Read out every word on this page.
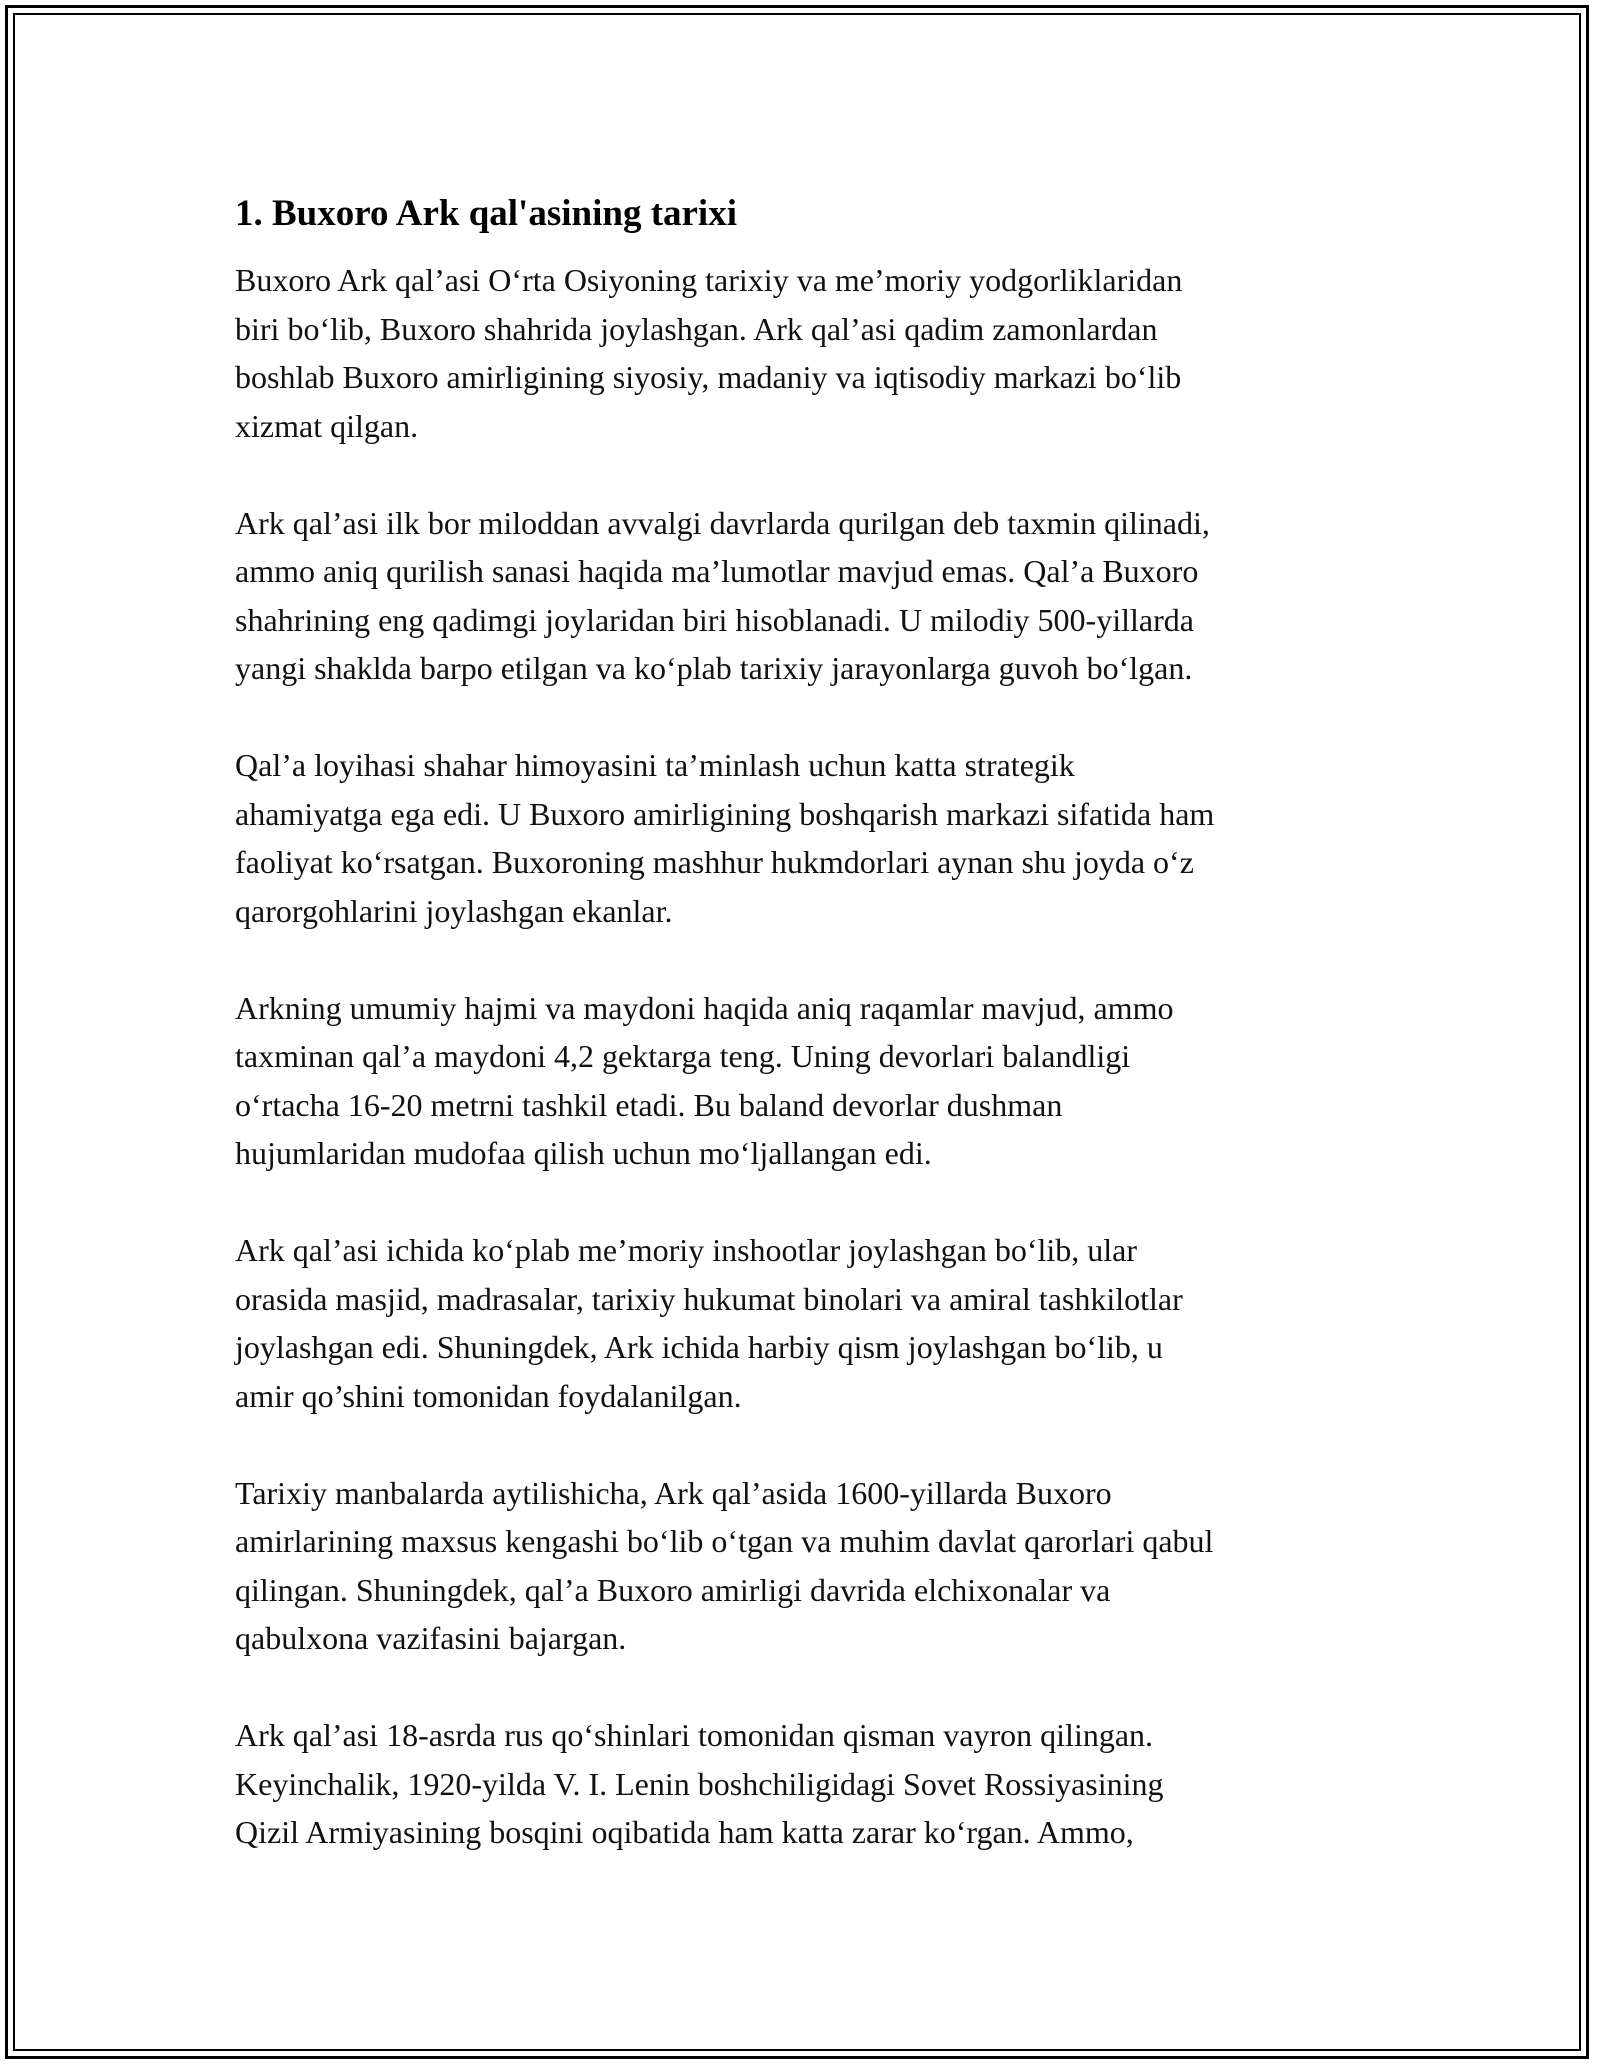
1. Buxoro Ark qal'asining tarixi
Buxoro Ark qal’asi O‘rta Osiyoning tarixiy va me’moriy yodgorliklaridan
biri bo‘lib, Buxoro shahrida joylashgan. Ark qal’asi qadim zamonlardan
boshlab Buxoro amirligining siyosiy, madaniy va iqtisodiy markazi bo‘lib
xizmat qilgan.
Ark qal’asi ilk bor miloddan avvalgi davrlarda qurilgan deb taxmin qilinadi,
ammo aniq qurilish sanasi haqida ma’lumotlar mavjud emas. Qal’a Buxoro
shahrining eng qadimgi joylaridan biri hisoblanadi. U milodiy 500-yillarda
yangi shaklda barpo etilgan va ko‘plab tarixiy jarayonlarga guvoh bo‘lgan.
Qal’a loyihasi shahar himoyasini ta’minlash uchun katta strategik
ahamiyatga ega edi. U Buxoro amirligining boshqarish markazi sifatida ham
faoliyat ko‘rsatgan. Buxoroning mashhur hukmdorlari aynan shu joyda o‘z
qarorgohlarini joylashgan ekanlar.
Arkning umumiy hajmi va maydoni haqida aniq raqamlar mavjud, ammo
taxminan qal’a maydoni 4,2 gektarga teng. Uning devorlari balandligi
o‘rtacha 16-20 metrni tashkil etadi. Bu baland devorlar dushman
hujumlaridan mudofaa qilish uchun mo‘ljallangan edi.
Ark qal’asi ichida ko‘plab me’moriy inshootlar joylashgan bo‘lib, ular
orasida masjid, madrasalar, tarixiy hukumat binolari va amiral tashkilotlar
joylashgan edi. Shuningdek, Ark ichida harbiy qism joylashgan bo‘lib, u
amir qo’shini tomonidan foydalanilgan.
Tarixiy manbalarda aytilishicha, Ark qal’asida 1600-yillarda Buxoro
amirlarining maxsus kengashi bo‘lib o‘tgan va muhim davlat qarorlari qabul
qilingan. Shuningdek, qal’a Buxoro amirligi davrida elchixonalar va
qabulxona vazifasini bajargan.
Ark qal’asi 18-asrda rus qo‘shinlari tomonidan qisman vayron qilingan.
Keyinchalik, 1920-yilda V. I. Lenin boshchiligidagi Sovet Rossiyasining
Qizil Armiyasining bosqini oqibatida ham katta zarar ko‘rgan. Ammo,
